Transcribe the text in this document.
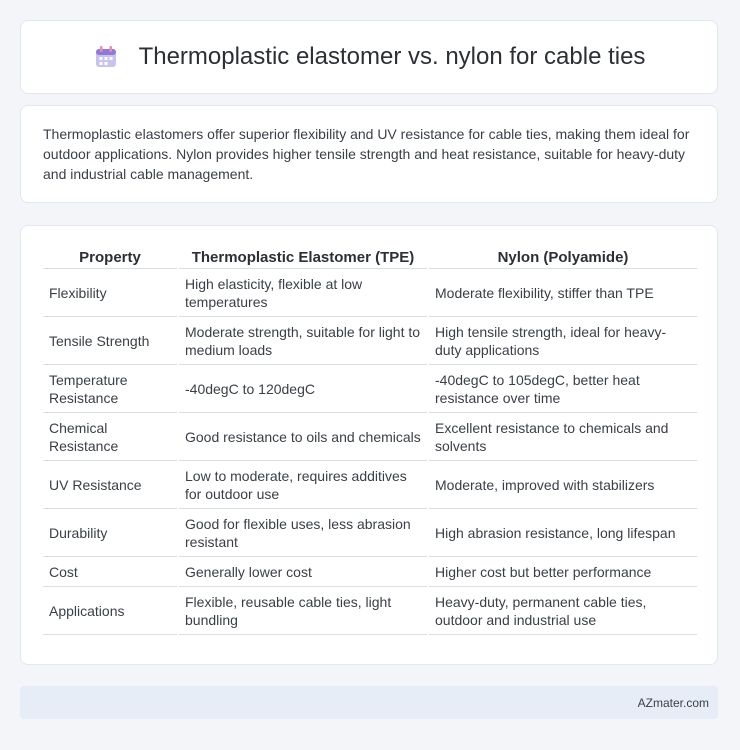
Thermoplastic elastomer vs. nylon for cable ties

Thermoplastic elastomers offer superior flexibility and UV resistance for cable ties, making them ideal for outdoor applications. Nylon provides higher tensile strength and heat resistance, suitable for heavy-duty and industrial cable management.

Property	Thermoplastic Elastomer (TPE)	Nylon (Polyamide)
Flexibility	High elasticity, flexible at low temperatures	Moderate flexibility, stiffer than TPE
Tensile Strength	Moderate strength, suitable for light to medium loads	High tensile strength, ideal for heavy-duty applications
Temperature Resistance	-40degC to 120degC	-40degC to 105degC, better heat resistance over time
Chemical Resistance	Good resistance to oils and chemicals	Excellent resistance to chemicals and solvents
UV Resistance	Low to moderate, requires additives for outdoor use	Moderate, improved with stabilizers
Durability	Good for flexible uses, less abrasion resistant	High abrasion resistance, long lifespan
Cost	Generally lower cost	Higher cost but better performance
Applications	Flexible, reusable cable ties, light bundling	Heavy-duty, permanent cable ties, outdoor and industrial use
AZmater.com
